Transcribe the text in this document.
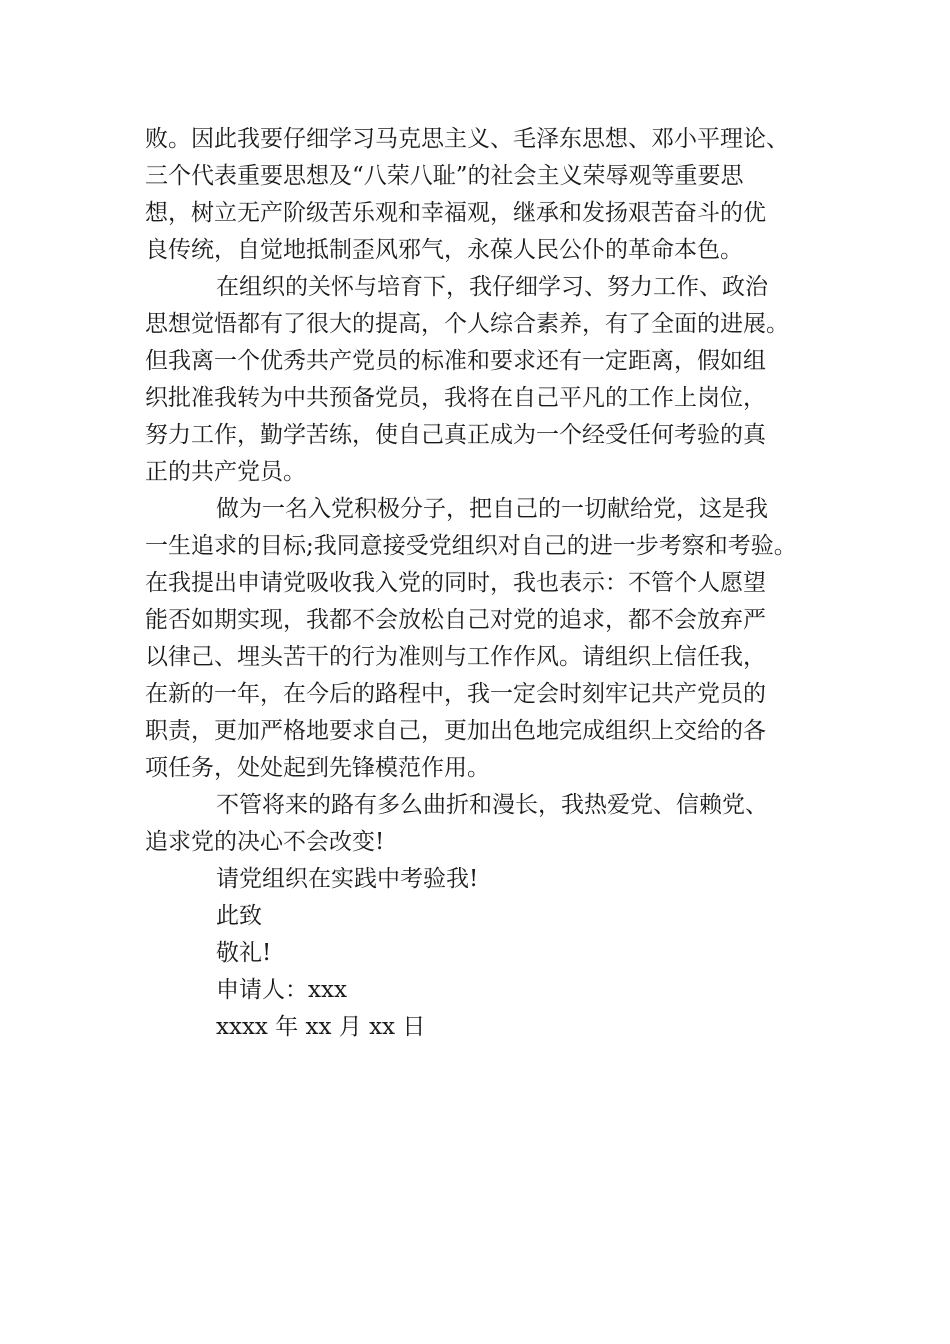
败。因此我要仔细学习马克思主义、毛泽东思想、邓小平理论、
三个代表重要思想及“八荣八耻”的社会主义荣辱观等重要思
想，树立无产阶级苦乐观和幸福观，继承和发扬艰苦奋斗的优
良传统，自觉地抵制歪风邪气，永葆人民公仆的革命本色。
在组织的关怀与培育下，我仔细学习、努力工作、政治
思想觉悟都有了很大的提高，个人综合素养，有了全面的进展。
但我离一个优秀共产党员的标准和要求还有一定距离，假如组
织批准我转为中共预备党员，我将在自己平凡的工作上岗位，
努力工作，勤学苦练，使自己真正成为一个经受任何考验的真
正的共产党员。
做为一名入党积极分子，把自己的一切献给党，这是我
一生追求的目标;我同意接受党组织对自己的进一步考察和考验。
在我提出申请党吸收我入党的同时，我也表示：不管个人愿望
能否如期实现，我都不会放松自己对党的追求，都不会放弃严
以律己、埋头苦干的行为准则与工作作风。请组织上信任我，
在新的一年，在今后的路程中，我一定会时刻牢记共产党员的
职责，更加严格地要求自己，更加出色地完成组织上交给的各
项任务，处处起到先锋模范作用。
不管将来的路有多么曲折和漫长，我热爱党、信赖党、
追求党的决心不会改变!
请党组织在实践中考验我!
此致
敬礼!
申请人：xxx
xxxx 年 xx 月 xx 日
